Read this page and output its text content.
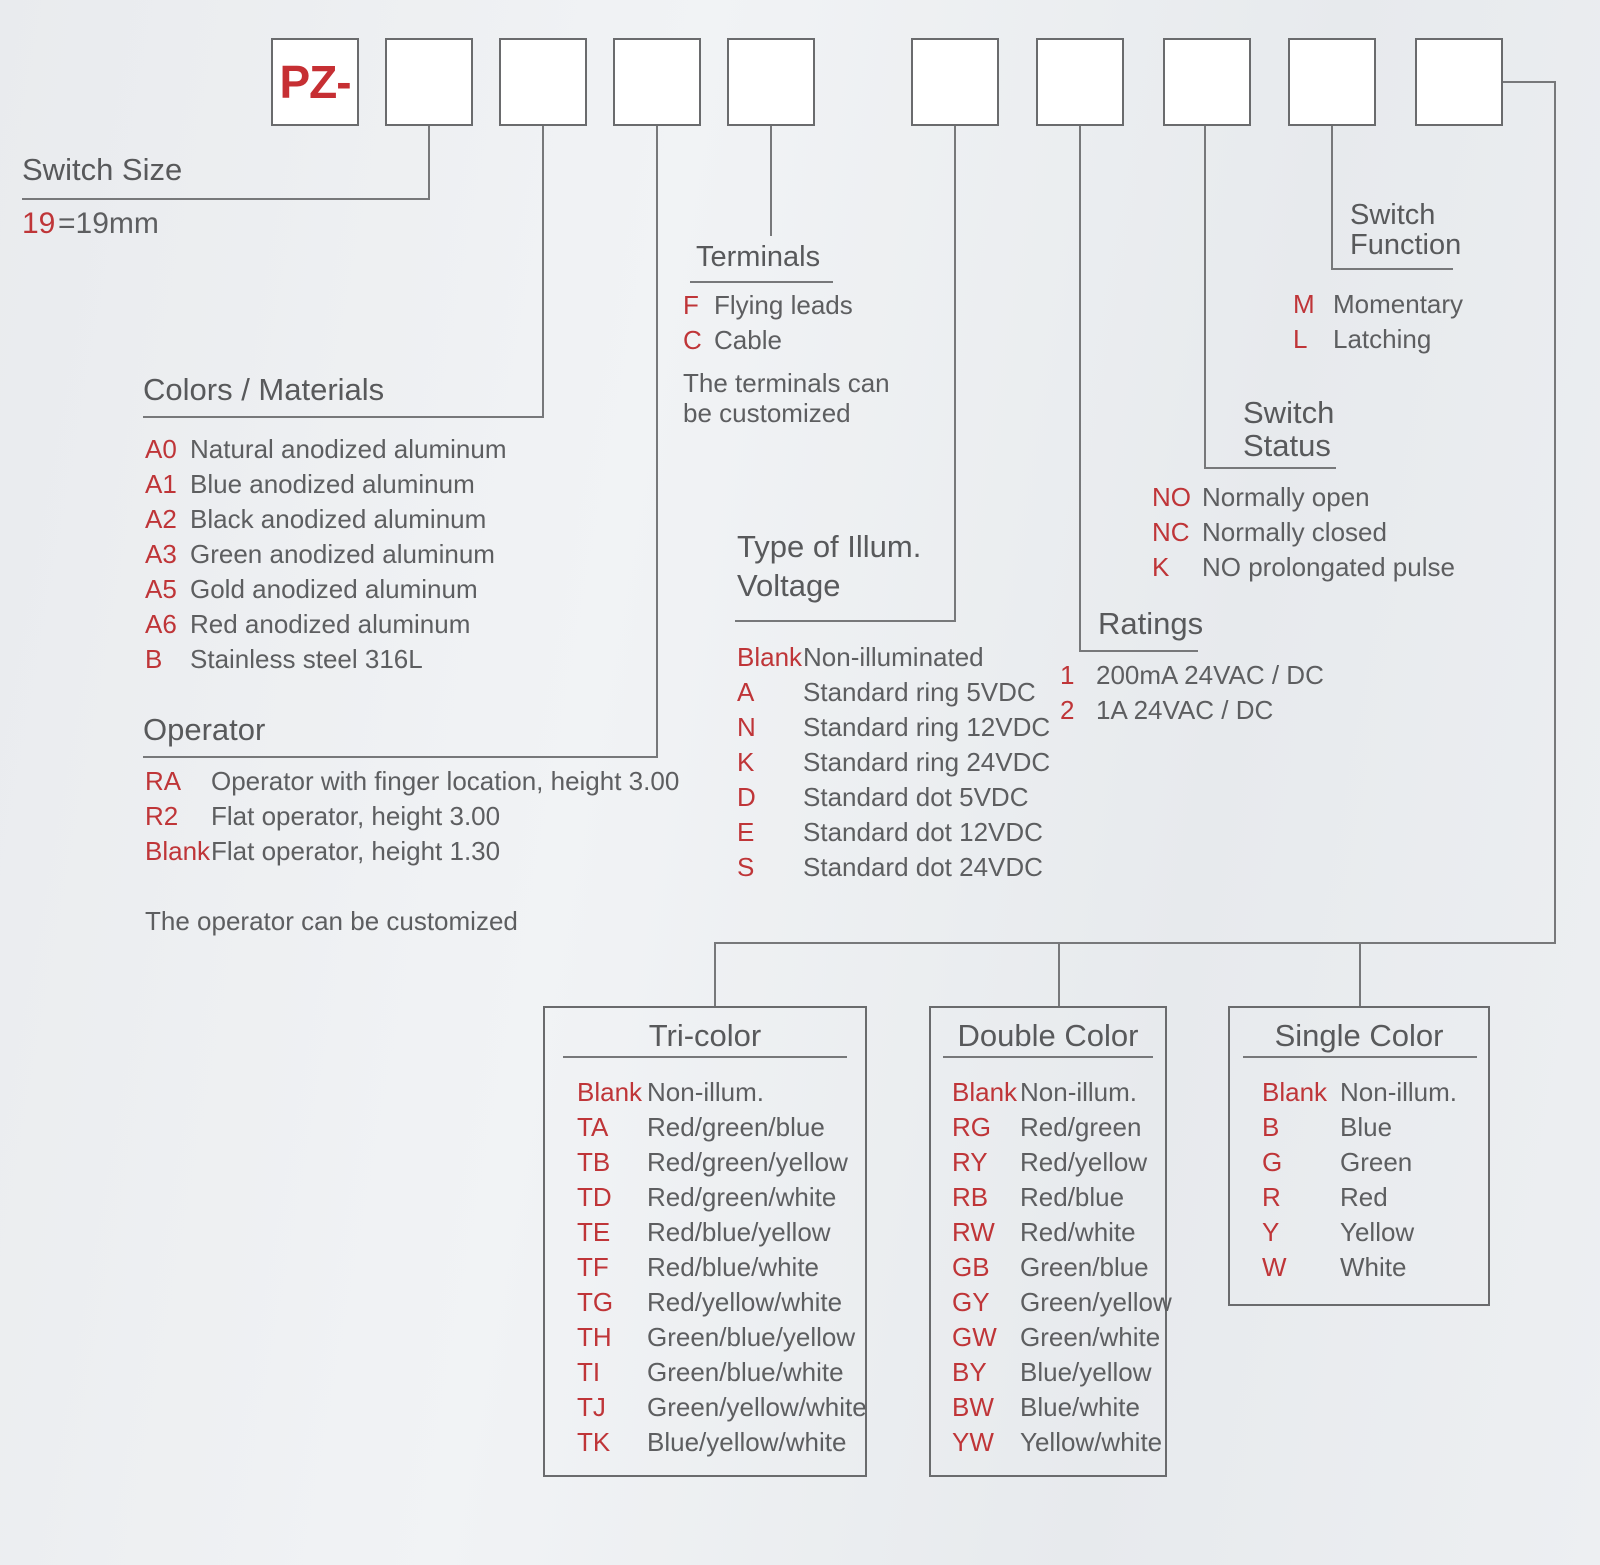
PZ-
Switch Size
19 =19mm
Colors / Materials
A0 Natural anodized aluminum
A1 Blue anodized aluminum
A2 Black anodized aluminum
A3 Green anodized aluminum
A5 Gold anodized aluminum
A6 Red anodized aluminum
B	Stainless steel 316L
Operator
RA	Operator with finger location, height 3.00
R2	Flat operator, height 3.00
Blank Flat operator, height 1.30
The operator can be customized
Terminals
F Flying leads
C Cable
The terminals can
be customized
Type of Illum.
Voltage
Blank Non-illuminated
A	Standard ring 5VDC
N	Standard ring 12VDC
K	Standard ring 24VDC
D	Standard dot 5VDC
E	Standard dot 12VDC
S	Standard dot 24VDC
Ratings
1 200mA 24VAC / DC
2 1A 24VAC / DC
Switch
Status
NO Normally open
NC Normally closed
K	NO prolongated pulse
Switch
Function
M Momentary
L Latching
Tri-color
Blank Non-illum.
TA	Red/green/blue
TB	Red/green/yellow
TD	Red/green/white
TE	Red/blue/yellow
TF	Red/blue/white
TG	Red/yellow/white
TH	Green/blue/yellow
TI	Green/blue/white
TJ	Green/yellow/white
TK	Blue/yellow/white
Double Color
Blank Non-illum.
RG	Red/green
RY	Red/yellow
RB	Red/blue
RW Red/white
GB	Green/blue
GY	Green/yellow
GW Green/white
BY	Blue/yellow
BW	Blue/white
YW	Yellow/white
Single Color
Blank Non-illum.
B	Blue
G	Green
R	Red
Y	Yellow
W	White
